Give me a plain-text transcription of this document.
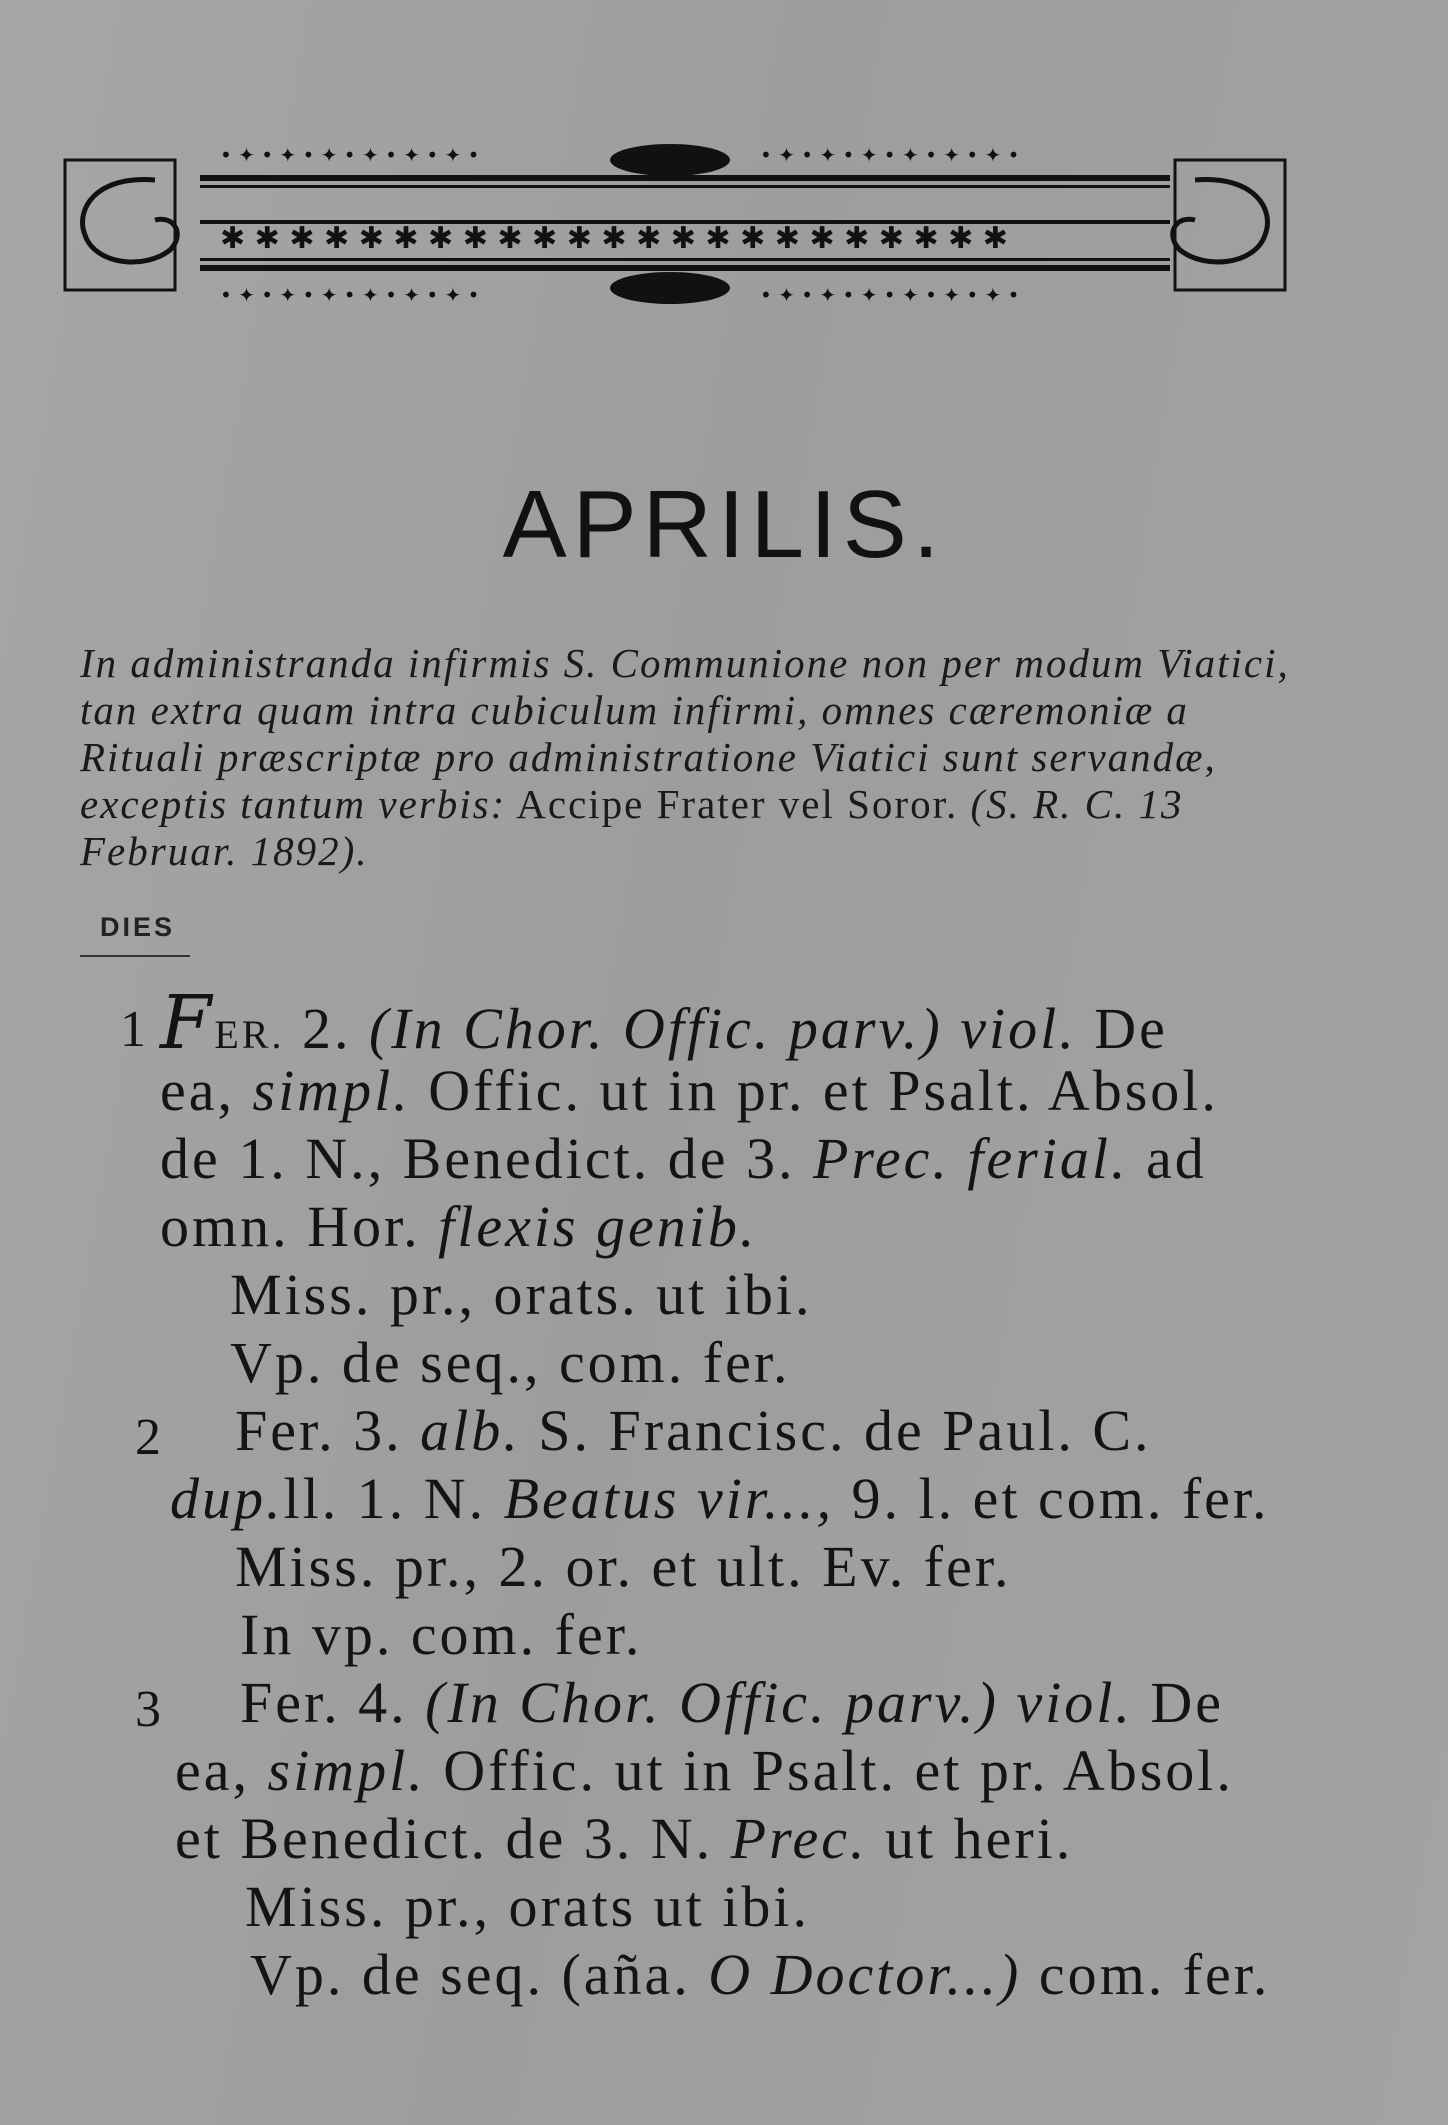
✱ ✱ ✱ ✱ ✱ ✱ ✱ ✱ ✱ ✱ ✱ ✱ ✱ ✱ ✱ ✱ ✱ ✱ ✱ ✱ ✱ ✱ ✱
• ✦ • ✦ • ✦ • ✦ • ✦ • ✦ •	• ✦ • ✦ • ✦ • ✦ • ✦ • ✦ •
• ✦ • ✦ • ✦ • ✦ • ✦ • ✦ •	• ✦ • ✦ • ✦ • ✦ • ✦ • ✦ •
APRILIS.
In administranda infirmis S. Communione non per modum Viatici, tan extra quam intra cubiculum infirmi, omnes cæremoniæ a Rituali præscriptæ pro administratione Viatici sunt servandæ, exceptis tantum verbis: Accipe Frater vel Soror. (S. R. C. 13 Februar. 1892).
DIES
1 FER. 2. (In Chor. Offic. parv.) viol. De
ea, simpl. Offic. ut in pr. et Psalt. Absol.
de 1. N., Benedict. de 3. Prec. ferial. ad
omn. Hor. flexis genib.
Miss. pr., orats. ut ibi.
Vp. de seq., com. fer.
2 Fer. 3. alb. S. Francisc. de Paul. C.
dup.ll. 1. N. Beatus vir..., 9. l. et com. fer.
Miss. pr., 2. or. et ult. Ev. fer.
In vp. com. fer.
3 Fer. 4. (In Chor. Offic. parv.) viol. De
ea, simpl. Offic. ut in Psalt. et pr. Absol.
et Benedict. de 3. N. Prec. ut heri.
Miss. pr., orats ut ibi.
Vp. de seq. (aña. O Doctor...) com. fer.
